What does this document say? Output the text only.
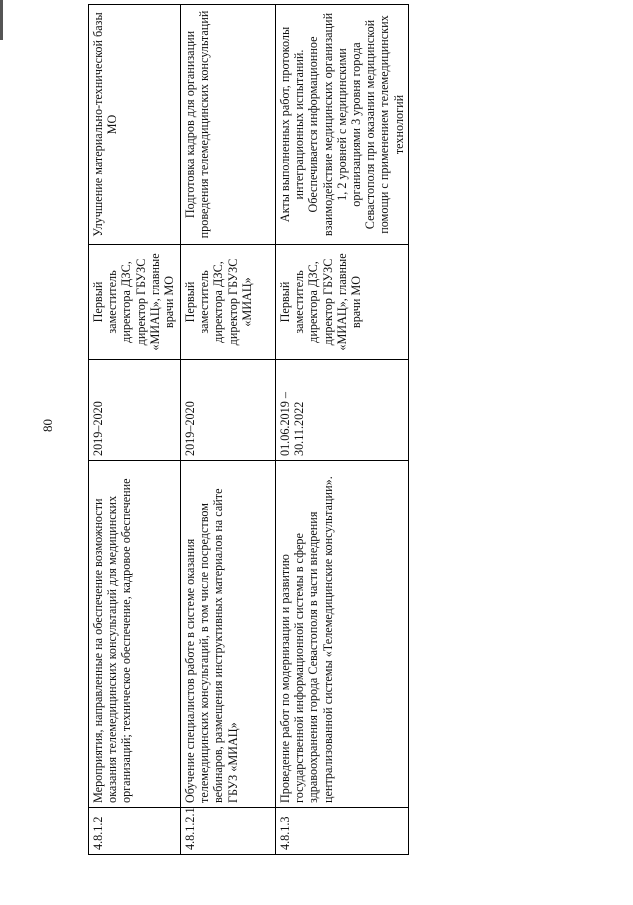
80
4.8.1.2	Мероприятия, направленные на обеспечение возможности оказания телемедицинских консультаций для медицинских организаций; техническое обеспечение, кадровое обеспечение	2019–2020	Первый заместитель директора ДЗС, директор ГБУЗС «МИАЦ», главные врачи МО	Улучшение материально-технической базы МО
4.8.1.2.1	Обучение специалистов работе в системе оказания телемедицинских консультаций, в том числе посредством вебинаров, размещения инструктивных материалов на сайте ГБУЗ «МИАЦ»	2019–2020	Первый заместитель директора ДЗС, директор ГБУЗС «МИАЦ»	Подготовка кадров для организации проведения телемедицинских консультаций
4.8.1.3	Проведение работ по модернизации и развитию государственной информационной системы в сфере здравоохранения города Севастополя в части внедрения централизованной системы «Телемедицинские консультации».	01.06.2019 – 30.11.2022	Первый заместитель директора ДЗС, директор ГБУЗС «МИАЦ», главные врачи МО	Акты выполненных работ, протоколы интеграционных испытаний. Обеспечивается информационное взаимодействие медицинских организаций 1, 2 уровней с медицинскими организациями 3 уровня города Севастополя при оказании медицинской помощи с применением телемедицинских технологий
